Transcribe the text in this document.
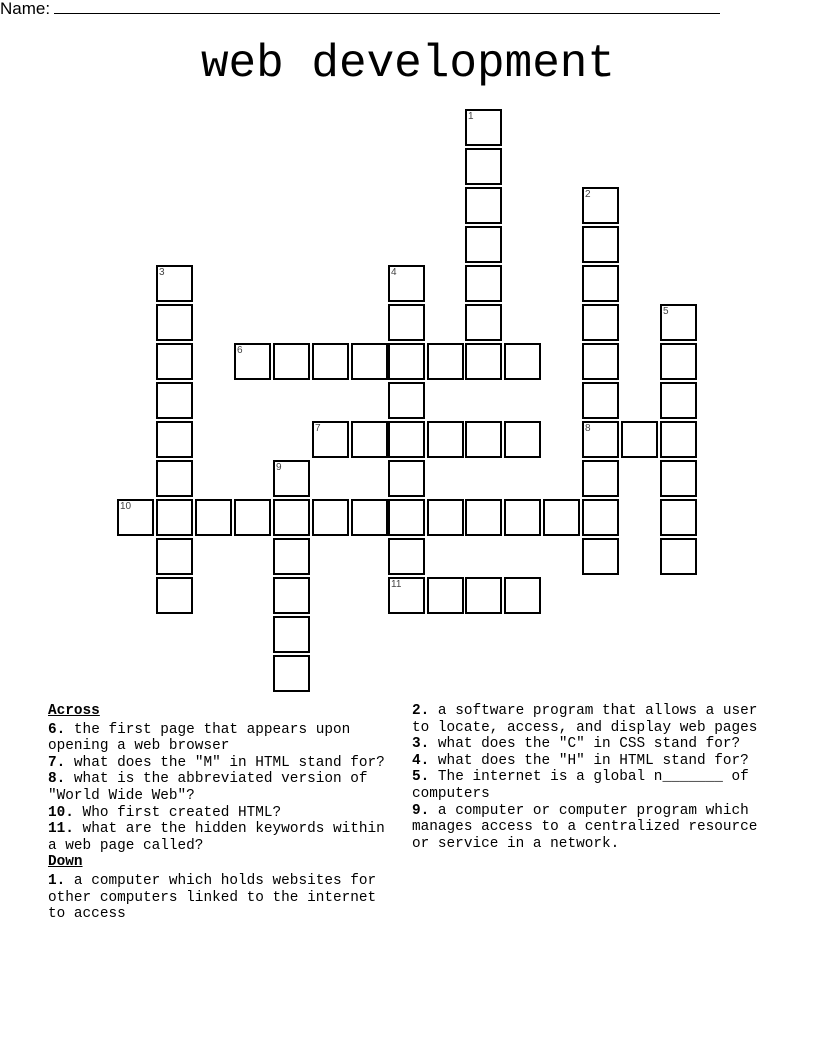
Name:
web development
1
2
8
3	4
11
5
6
7
9
10
Across
6. the first page that appears upon opening a web browser
7. what does the "M" in HTML stand for?
8. what is the abbreviated version of "World Wide Web"?
10. Who first created HTML?
11. what are the hidden keywords within a web page called?
Down
1. a computer which holds websites for other computers linked to the internet to access
2. a software program that allows a user to locate, access, and display web pages
3. what does the "C" in CSS stand for?
4. what does the "H" in HTML stand for?
5. The internet is a global n_______ of computers
9. a computer or computer program which manages access to a centralized resource or service in a network.
